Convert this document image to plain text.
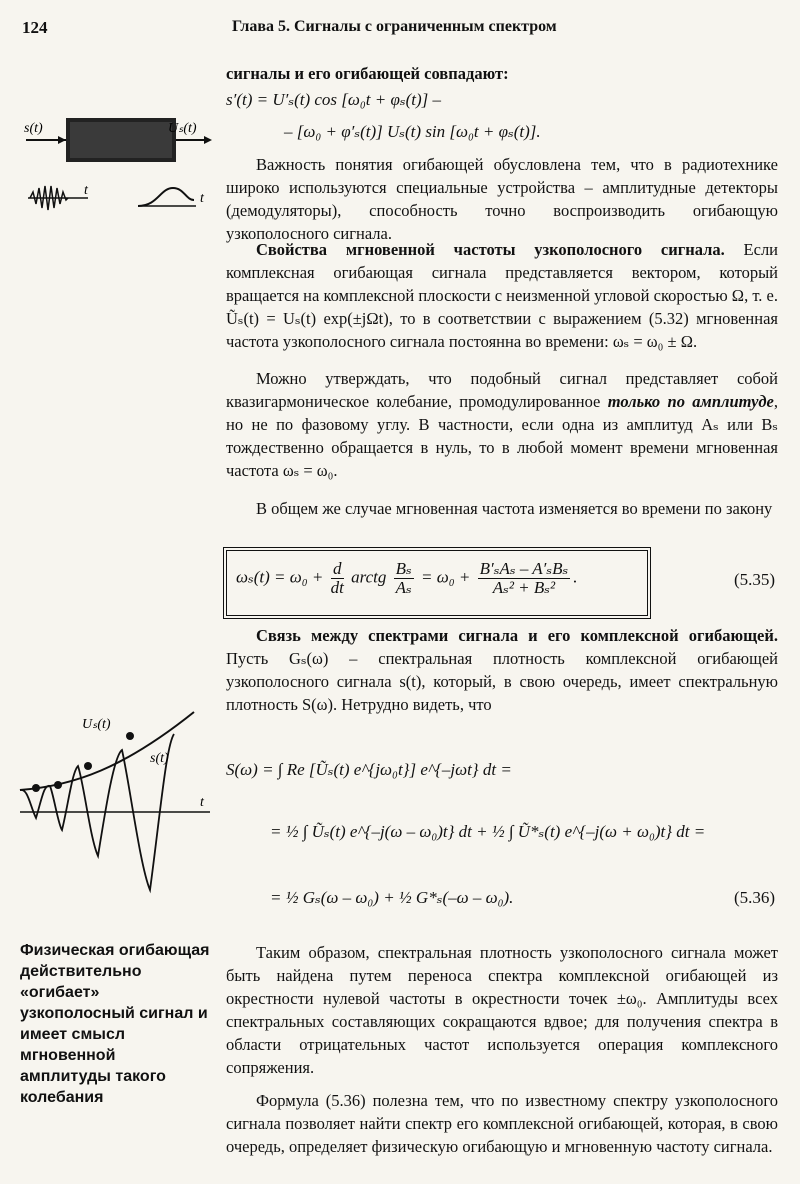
124	Глава 5. Сигналы с ограниченным спектром
s(t)	Uₛ(t)
t
t

сигналы и его огибающей совпадают:

s′(t) = U′ₛ(t) cos [ω₀t + φₛ(t)] –
– [ω₀ + φ′ₛ(t)] Uₛ(t) sin [ω₀t + φₛ(t)].

Важность понятия огибающей обусловлена тем, что в радиотехнике широко используются специальные устройства – амплитудные детекторы (демодуляторы), способность точно воспроизводить огибающую узкополосного сигнала.

Свойства мгновенной частоты узкополосного сигнала. Если комплексная огибающая сигнала представляется вектором, который вращается на комплексной плоскости с неизменной угловой скоростью Ω, т. е. Ũₛ(t) = Uₛ(t) exp(±jΩt), то в соответствии с выражением (5.32) мгновенная частота узкополосного сигнала постоянна во времени: ωₛ = ω₀ ± Ω.

Можно утверждать, что подобный сигнал представляет собой квазигармоническое колебание, промодулированное только по амплитуде, но не по фазовому углу. В частности, если одна из амплитуд Aₛ или Bₛ тождественно обращается в нуль, то в любой момент времени мгновенная частота ωₛ = ω₀.

В общем же случае мгновенная частота изменяется во времени по закону

$\omega_s(t) = \omega_0 + \frac{d}{dt}$ arctg $\frac{\text{Bₛ}}{\text{Aₛ}} = \omega_0 + \frac{\text{B′ₛAₛ – A′ₛBₛ}}{\text{Aₛ² + Bₛ²}}$ .	(5.35)

Связь между спектрами сигнала и его комплексной огибающей. Пусть Gₛ(ω) – спектральная плотность комплексной огибающей узкополосного сигнала s(t), который, в свою очередь, имеет спектральную плотность S(ω). Нетрудно видеть, что

S(ω) = ∫ Re [Ũₛ(t) e^{jω₀t}] e^{–jωt} dt =
= ½ ∫ Ũₛ(t) e^{–j(ω – ω₀)t} dt + ½ ∫ Ũ*ₛ(t) e^{–j(ω + ω₀)t} dt =
= ½ Gₛ(ω – ω₀) + ½ G*ₛ(–ω – ω₀).	(5.36)
t
Uₛ(t)
s(t)
Физическая огибающая действительно «огибает» узкополосный сигнал и имеет смысл мгновенной амплитуды такого колебания

Таким образом, спектральная плотность узкополосного сигнала может быть найдена путем переноса спектра комплексной огибающей из окрестности нулевой частоты в окрестности точек ±ω₀. Амплитуды всех спектральных составляющих сокращаются вдвое; для получения спектра в области отрицательных частот используется операция комплексного сопряжения.

Формула (5.36) полезна тем, что по известному спектру узкополосного сигнала позволяет найти спектр его комплексной огибающей, которая, в свою очередь, определяет физическую огибающую и мгновенную частоту сигнала.
